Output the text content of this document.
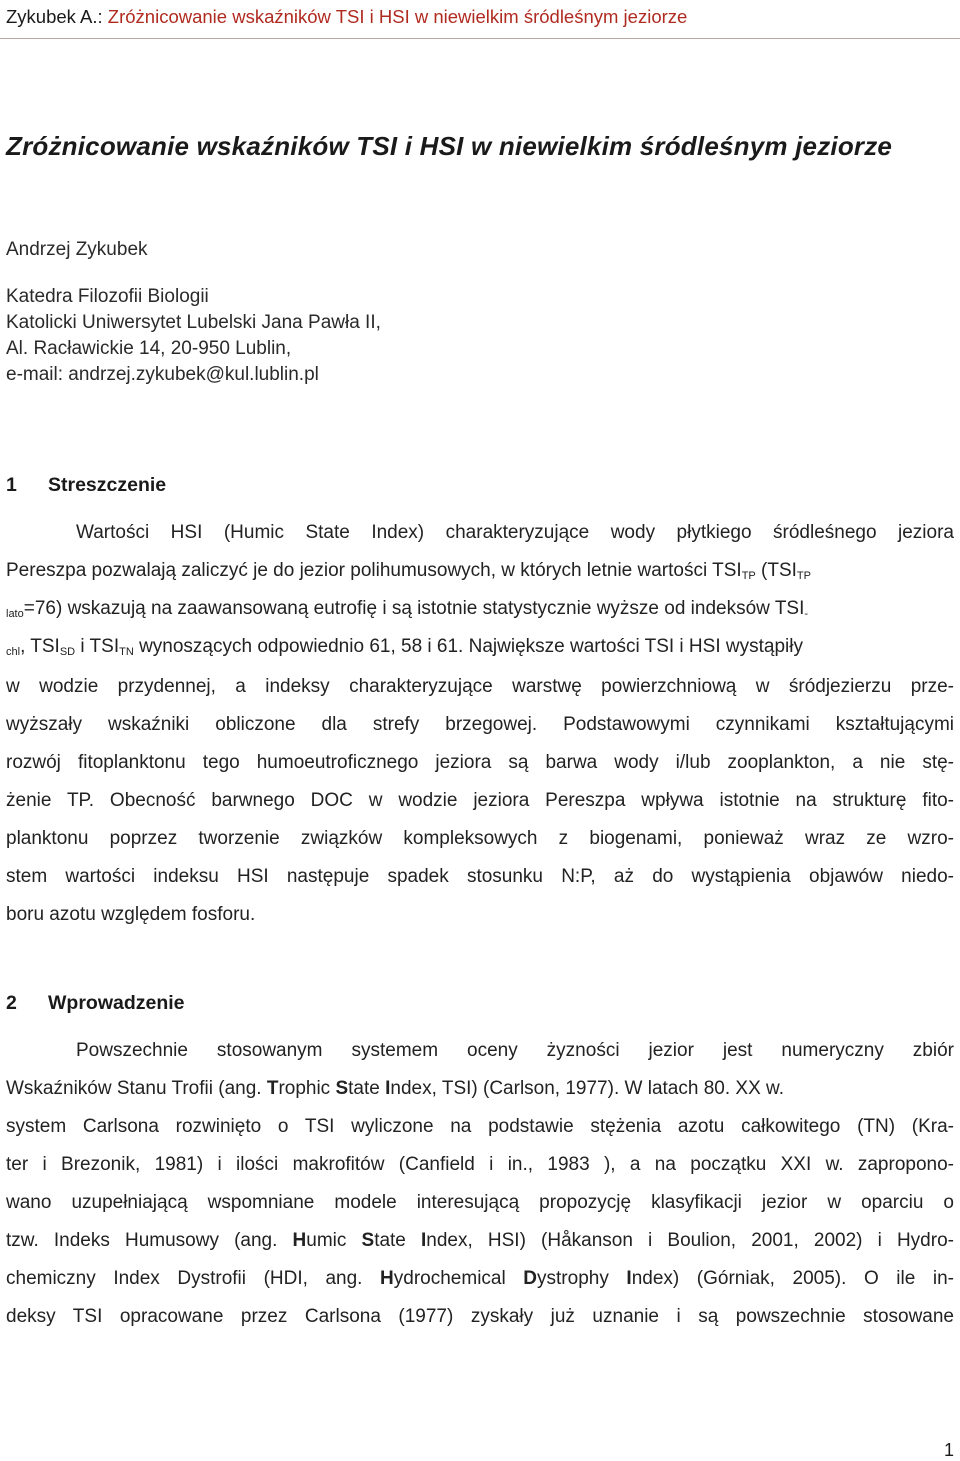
Zykubek A.: Zróżnicowanie wskaźników TSI i HSI w niewielkim śródleśnym jeziorze
Zróżnicowanie wskaźników TSI i HSI w niewielkim śródleśnym jeziorze
Andrzej Zykubek
Katedra Filozofii Biologii
Katolicki Uniwersytet Lubelski Jana Pawła II,
Al. Racławickie 14, 20-950 Lublin,
e-mail: andrzej.zykubek@kul.lublin.pl
1 Streszczenie
Wartości HSI (Humic State Index) charakteryzujące wody płytkiego śródleśnego jeziora
Pereszpa pozwalają zaliczyć je do jezior polihumusowych, w których letnie wartości $TSI_{TP}$ ($TSI_{TP}$
$_{lato}$=76) wskazują na zaawansowaną eutrofię i są istotnie statystycznie wyższe od indeksów $TSI_-$
$_{chl}$, $TSI_{SD}$ i $TSI_{TN}$ wynoszących odpowiednio 61, 58 i 61. Największe wartości TSI i HSI wystąpiły
w wodzie przydennej, a indeksy charakteryzujące warstwę powierzchniową w śródjezierzu prze-
wyższały wskaźniki obliczone dla strefy brzegowej. Podstawowymi czynnikami kształtującymi
rozwój fitoplanktonu tego humoeutroficznego jeziora są barwa wody i/lub zooplankton, a nie stę-
żenie TP. Obecność barwnego DOC w wodzie jeziora Pereszpa wpływa istotnie na strukturę fito-
planktonu poprzez tworzenie związków kompleksowych z biogenami, ponieważ wraz ze wzro-
stem wartości indeksu HSI następuje spadek stosunku N:P, aż do wystąpienia objawów niedo-
boru azotu względem fosforu.
2 Wprowadzenie
Powszechnie stosowanym systemem oceny żyzności jezior jest numeryczny zbiór
Wskaźników Stanu Trofii (ang. Trophic State Index, TSI) (Carlson, 1977). W latach 80. XX w.
system Carlsona rozwinięto o TSI wyliczone na podstawie stężenia azotu całkowitego (TN) (Kra-
ter i Brezonik, 1981) i ilości makrofitów (Canfield i in., 1983 ), a na początku XXI w. zapropono-
wano uzupełniającą wspomniane modele interesującą propozycję klasyfikacji jezior w oparciu o
tzw. Indeks Humusowy (ang. Humic State Index, HSI) (Håkanson i Boulion, 2001, 2002) i Hydro-
chemiczny Index Dystrofii (HDI, ang. Hydrochemical Dystrophy Index) (Górniak, 2005). O ile in-
deksy TSI opracowane przez Carlsona (1977) zyskały już uznanie i są powszechnie stosowane
1
